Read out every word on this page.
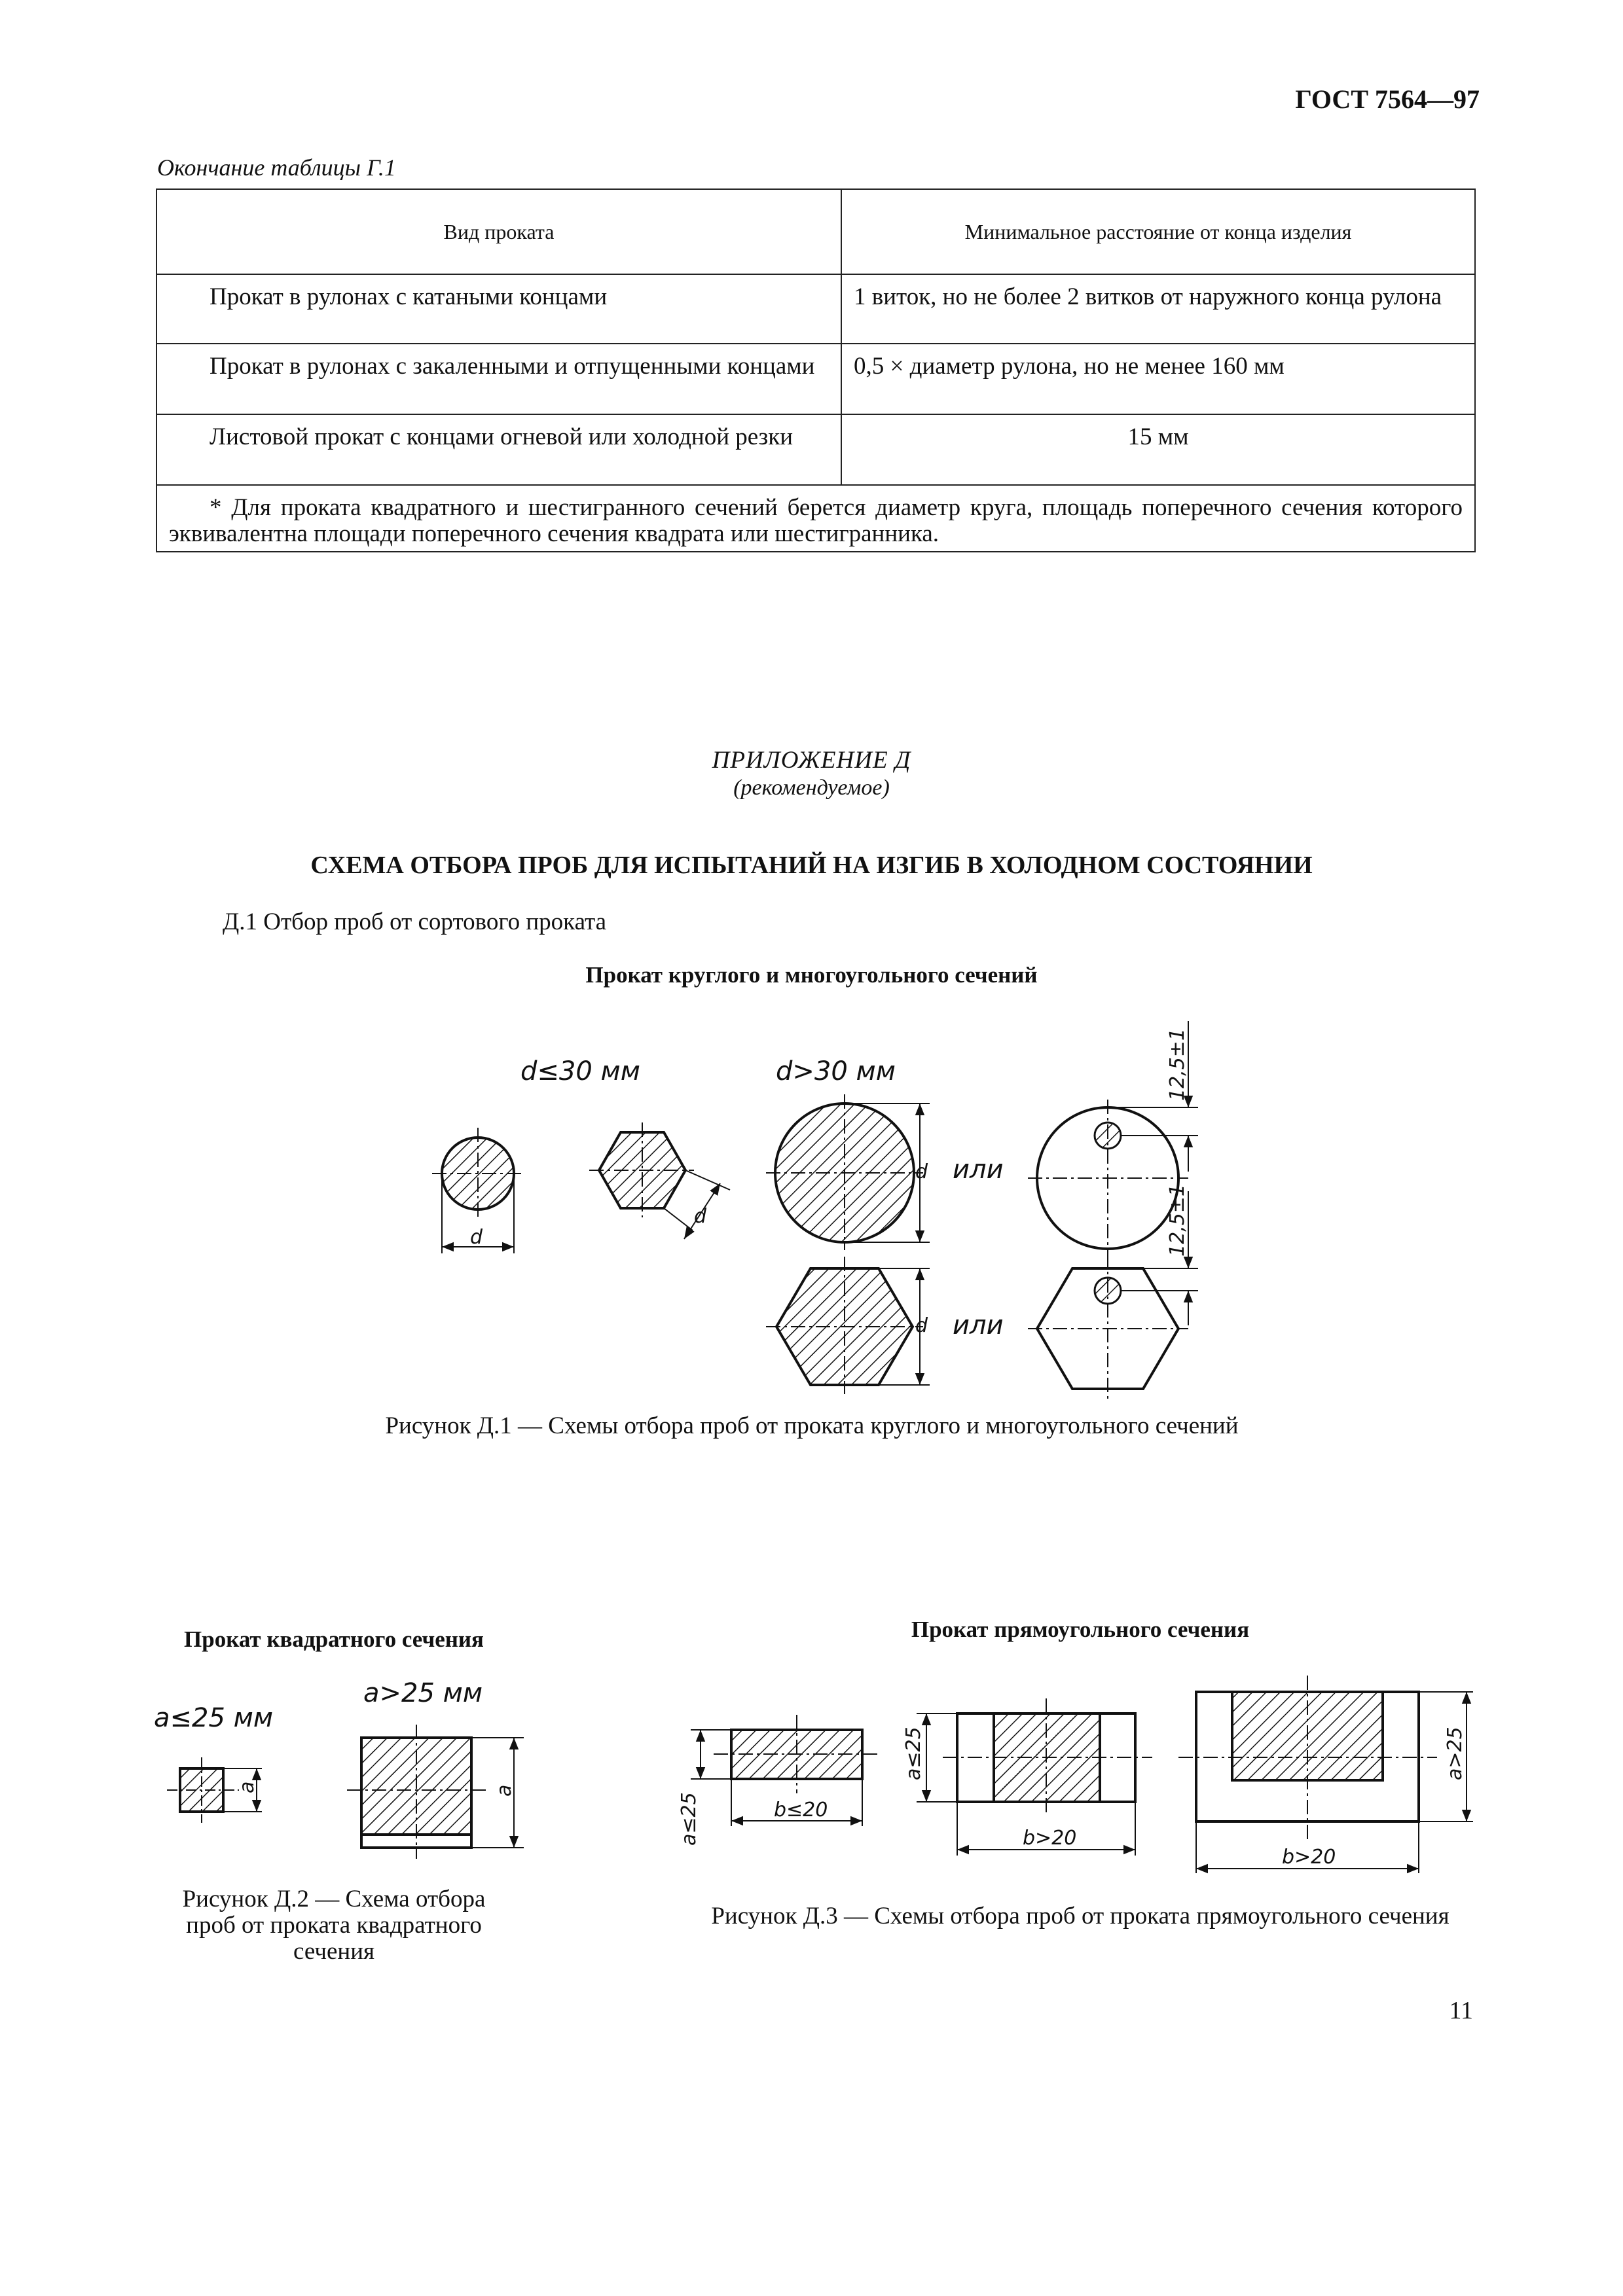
ГОСТ 7564—97
Окончание таблицы Г.1
Вид проката	Минимальное расстояние от конца изделия
Прокат в рулонах с катаными концами	1 виток, но не более 2 витков от наружного конца рулона
Прокат в рулонах с закаленными и отпущенными концами	0,5 × диаметр рулона, но не менее 160 мм
Листовой прокат с концами огневой или холодной резки	15 мм
* Для проката квадратного и шестигранного сечений берется диаметр круга, площадь поперечного сечения которого эквивалентна площади поперечного сечения квадрата или шестигранника.	
ПРИЛОЖЕНИЕ Д
(рекомендуемое)
СХЕМА ОТБОРА ПРОБ ДЛЯ ИСПЫТАНИЙ НА ИЗГИБ В ХОЛОДНОМ СОСТОЯНИИ
Д.1 Отбор проб от сортового проката
Прокат круглого и многоугольного сечений
Рисунок Д.1 — Схемы отбора проб от проката круглого и многоугольного сечений
Прокат квадратного сечения	Прокат прямоугольного сечения
Рисунок Д.2 — Схема отбора проб от проката квадратного сечения
Рисунок Д.3 — Схемы отбора проб от проката прямоугольного сечения
11
d≤30 мм	d>30 мм
d
d
d
d
или
или
12,5±1
12,5±1
a≤25 мм
a>25 мм
a	a
a≤25	b≤20
a≤25
b>20
a>25
b>20
